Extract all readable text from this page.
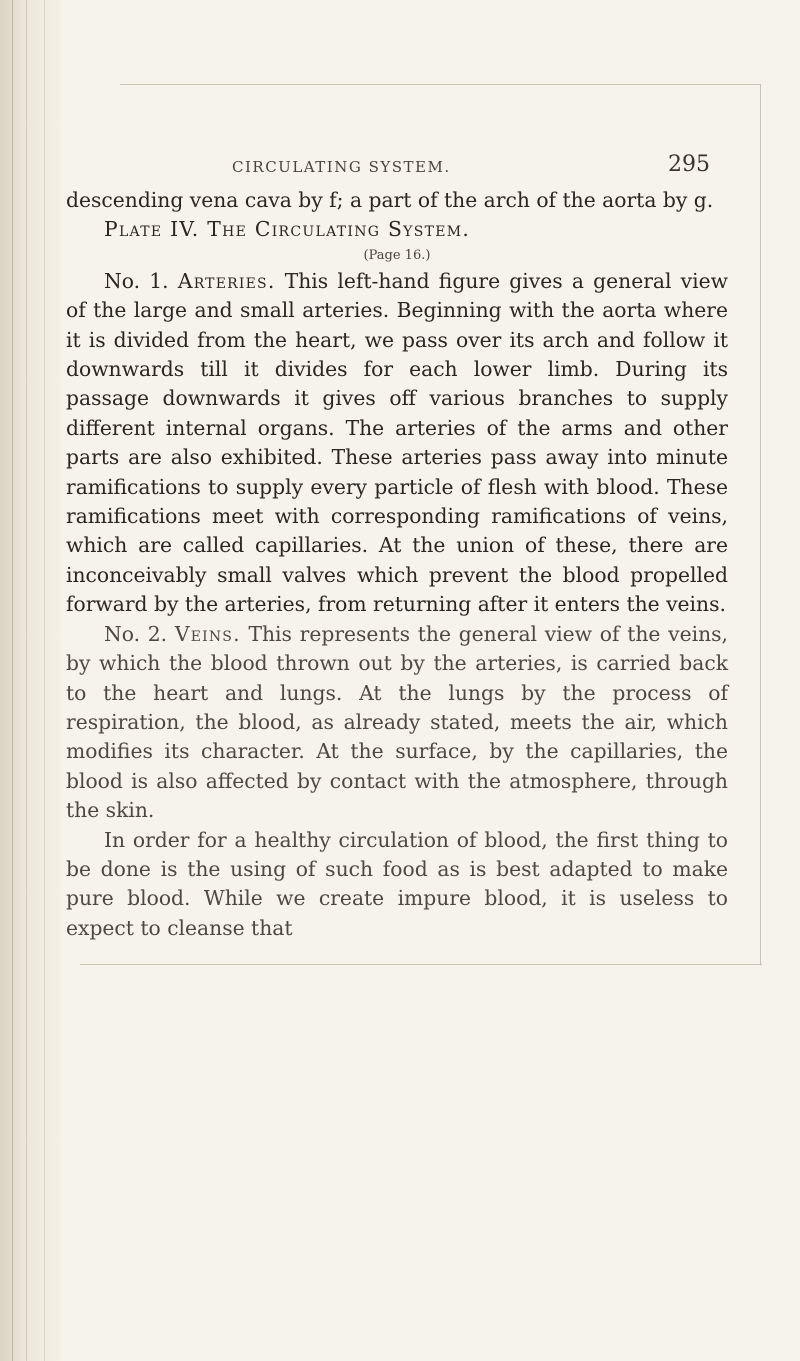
CIRCULATING SYSTEM.	295

descending vena cava by f; a part of the arch of the aorta by g.

Plate IV. The Circulating System.

(Page 16.)

No. 1. Arteries. This left-hand figure gives a general view of the large and small arteries. Beginning with the aorta where it is divided from the heart, we pass over its arch and follow it downwards till it divides for each lower limb. During its passage downwards it gives off various branches to supply different internal organs. The arteries of the arms and other parts are also exhibited. These arteries pass away into minute ramifications to supply every particle of flesh with blood. These ramifications meet with corresponding ramifications of veins, which are called capillaries. At the union of these, there are inconceivably small valves which prevent the blood propelled forward by the arteries, from returning after it enters the veins.

No. 2. Veins. This represents the general view of the veins, by which the blood thrown out by the arteries, is carried back to the heart and lungs. At the lungs by the process of respiration, the blood, as already stated, meets the air, which modifies its character. At the surface, by the capillaries, the blood is also affected by contact with the atmosphere, through the skin.

In order for a healthy circulation of blood, the first thing to be done is the using of such food as is best adapted to make pure blood. While we create impure blood, it is useless to expect to cleanse that
